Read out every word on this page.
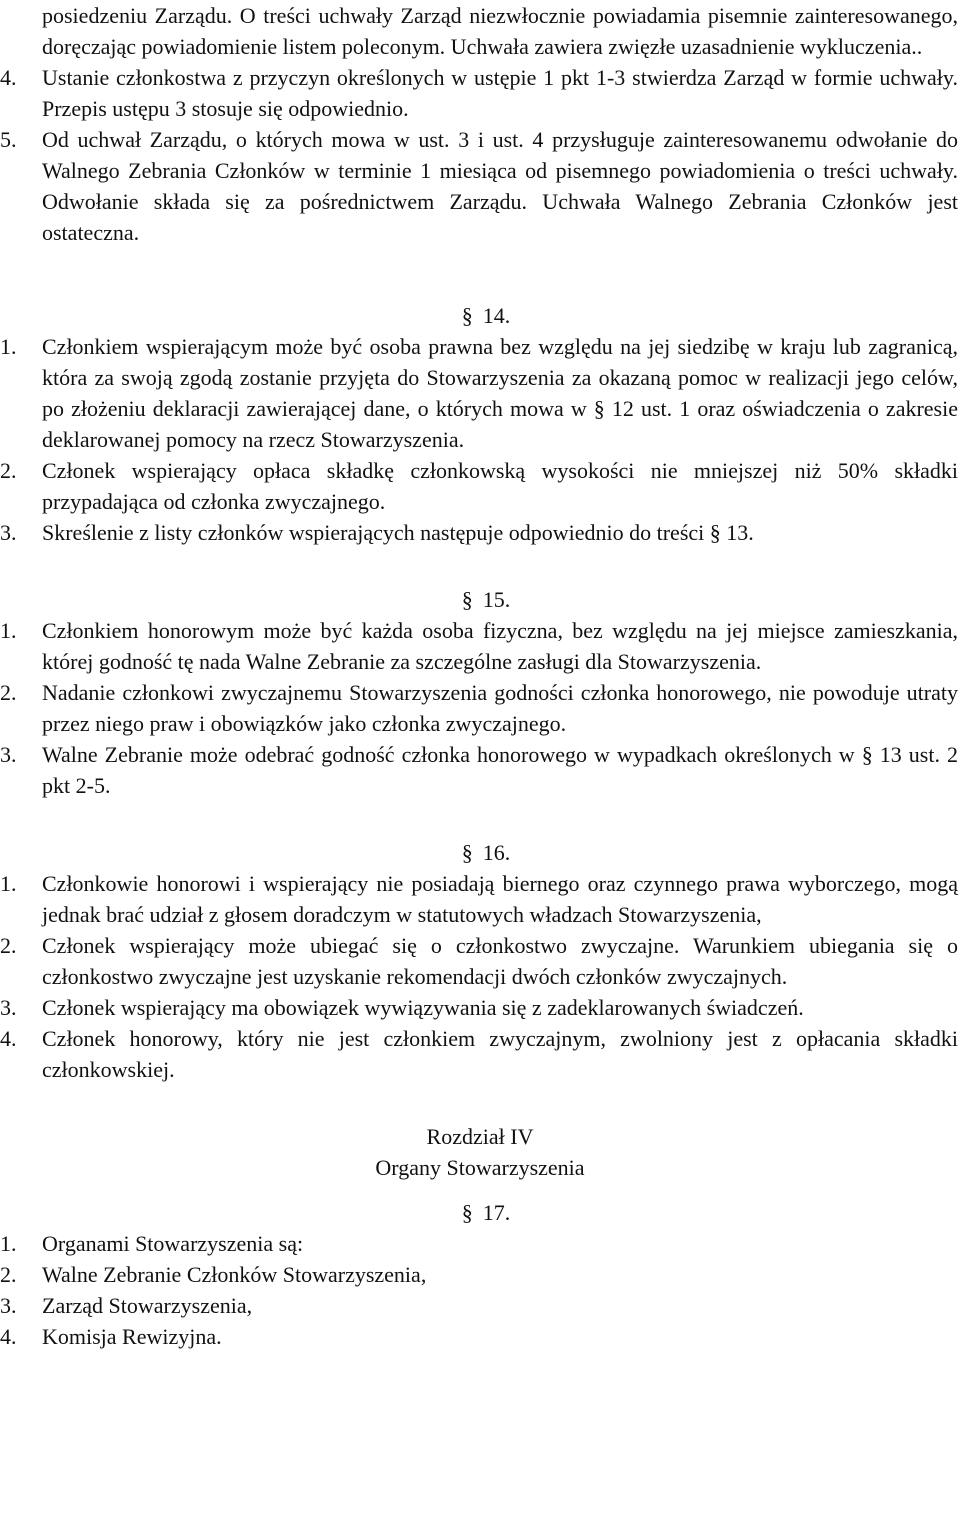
posiedzeniu Zarządu. O treści uchwały Zarząd niezwłocznie powiadamia pisemnie zainteresowanego, doręczając powiadomienie listem poleconym. Uchwała zawiera zwięzłe uzasadnienie wykluczenia..
4. Ustanie członkostwa z przyczyn określonych w ustępie 1 pkt 1-3 stwierdza Zarząd w formie uchwały. Przepis ustępu 3 stosuje się odpowiednio.
5. Od uchwał Zarządu, o których mowa w ust. 3 i ust. 4 przysługuje zainteresowanemu odwołanie do Walnego Zebrania Członków w terminie 1 miesiąca od pisemnego powiadomienia o treści uchwały. Odwołanie składa się za pośrednictwem Zarządu. Uchwała Walnego Zebrania Członków jest ostateczna.
§ 14.
1. Członkiem wspierającym może być osoba prawna bez względu na jej siedzibę w kraju lub zagranicą, która za swoją zgodą zostanie przyjęta do Stowarzyszenia za okazaną pomoc w realizacji jego celów, po złożeniu deklaracji zawierającej dane, o których mowa w § 12 ust. 1 oraz oświadczenia o zakresie deklarowanej pomocy na rzecz Stowarzyszenia.
2. Członek wspierający opłaca składkę członkowską wysokości nie mniejszej niż 50% składki przypadająca od członka zwyczajnego.
3. Skreślenie z listy członków wspierających następuje odpowiednio do treści § 13.
§ 15.
1. Członkiem honorowym może być każda osoba fizyczna, bez względu na jej miejsce zamieszkania, której godność tę nada Walne Zebranie za szczególne zasługi dla Stowarzyszenia.
2. Nadanie członkowi zwyczajnemu Stowarzyszenia godności członka honorowego, nie powoduje utraty przez niego praw i obowiązków jako członka zwyczajnego.
3. Walne Zebranie może odebrać godność członka honorowego w wypadkach określonych w § 13 ust. 2 pkt 2-5.
§ 16.
1. Członkowie honorowi i wspierający nie posiadają biernego oraz czynnego prawa wyborczego, mogą jednak brać udział z głosem doradczym w statutowych władzach Stowarzyszenia,
2. Członek wspierający może ubiegać się o członkostwo zwyczajne. Warunkiem ubiegania się o członkostwo zwyczajne jest uzyskanie rekomendacji dwóch członków zwyczajnych.
3. Członek wspierający ma obowiązek wywiązywania się z zadeklarowanych świadczeń.
4. Członek honorowy, który nie jest członkiem zwyczajnym, zwolniony jest z opłacania składki członkowskiej.
Rozdział IV
Organy Stowarzyszenia
§ 17.
1. Organami Stowarzyszenia są:
2. Walne Zebranie Członków Stowarzyszenia,
3. Zarząd Stowarzyszenia,
4. Komisja Rewizyjna.
